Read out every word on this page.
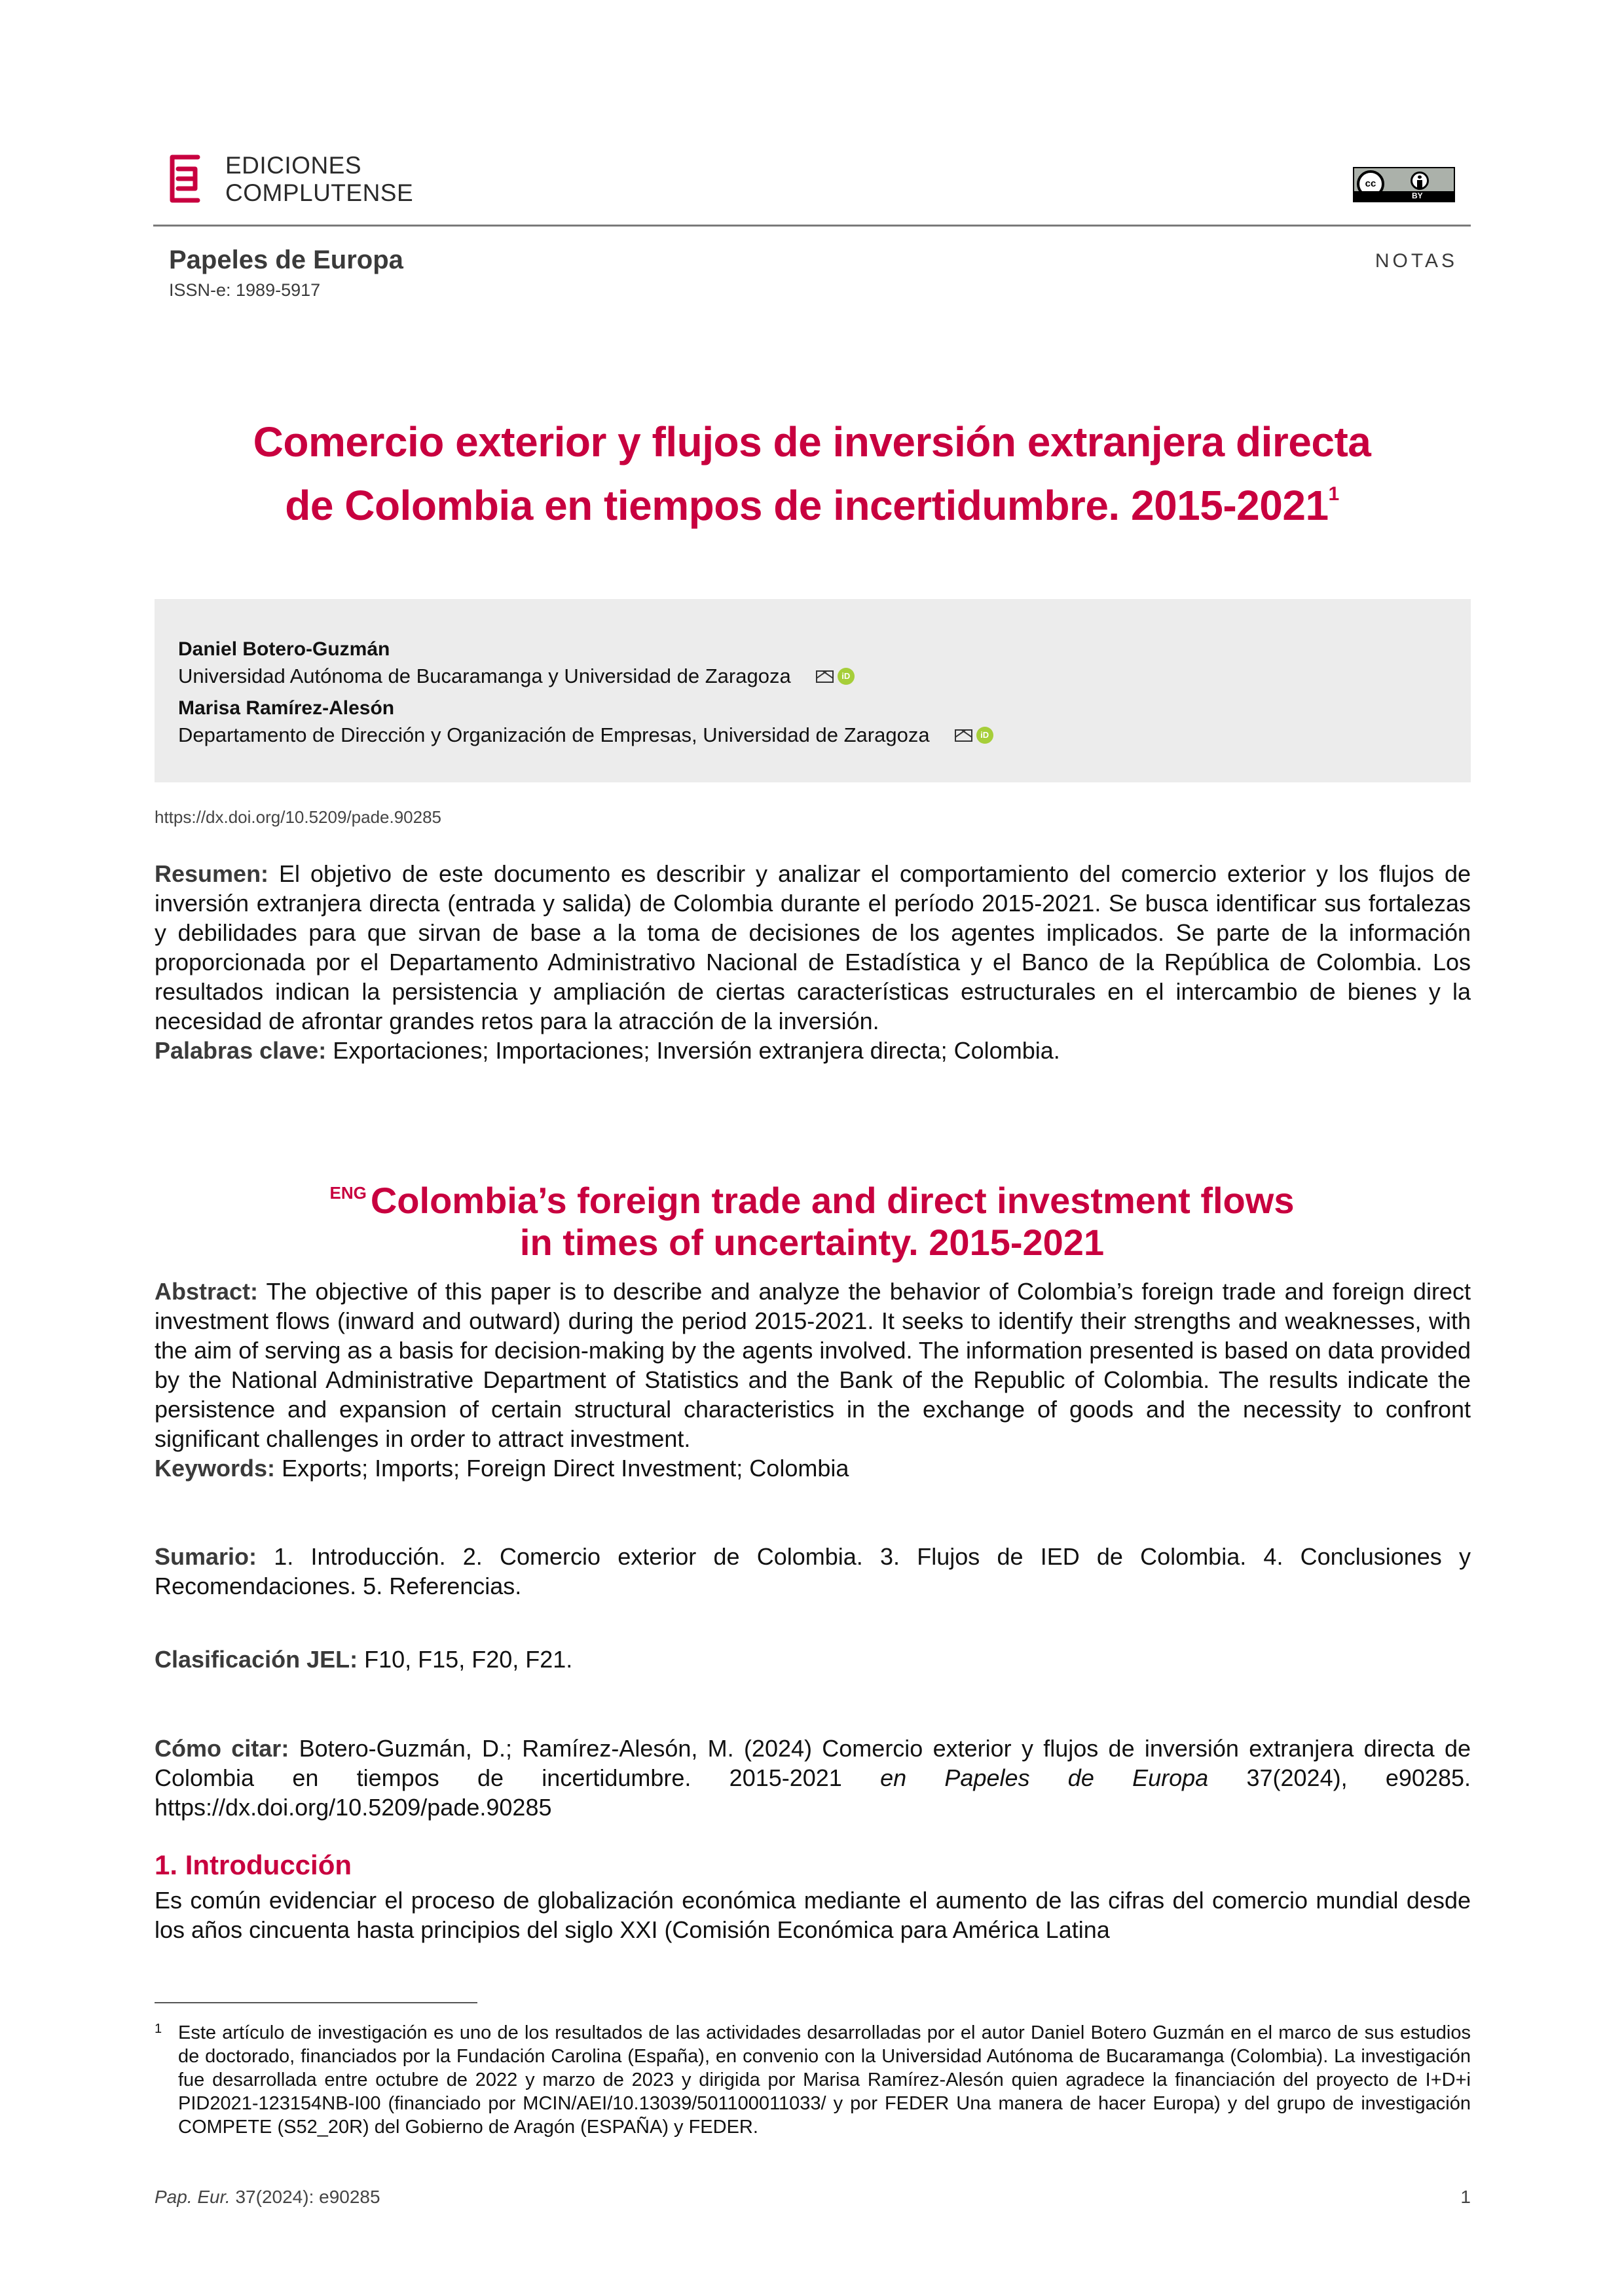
EDICIONES
COMPLUTENSE	cc
BY
Papeles de Europa
ISSN-e: 1989-5917
NOTAS
Comercio exterior y flujos de inversión extranjera directa
de Colombia en tiempos de incertidumbre. 2015-2021$^1$
Daniel Botero-Guzmán
Universidad Autónoma de Bucaramanga y Universidad de Zaragoza	iD
Marisa Ramírez-Alesón
Departamento de Dirección y Organización de Empresas, Universidad de Zaragoza	iD
https://dx.doi.org/10.5209/pade.90285
Resumen: El objetivo de este documento es describir y analizar el comportamiento del comercio exterior y los flujos de inversión extranjera directa (entrada y salida) de Colombia durante el período 2015-2021. Se busca identificar sus fortalezas y debilidades para que sirvan de base a la toma de decisiones de los agentes implicados. Se parte de la información proporcionada por el Departamento Administrativo Nacional de Estadística y el Banco de la República de Colombia. Los resultados indican la persistencia y ampliación de ciertas características estructurales en el intercambio de bienes y la necesidad de afrontar grandes retos para la atracción de la inversión.
Palabras clave: Exportaciones; Importaciones; Inversión extranjera directa; Colombia.
$^{ENG}$ Colombia’s foreign trade and direct investment flows
in times of uncertainty. 2015-2021
Abstract: The objective of this paper is to describe and analyze the behavior of Colombia’s foreign trade and foreign direct investment flows (inward and outward) during the period 2015-2021. It seeks to identify their strengths and weaknesses, with the aim of serving as a basis for decision-making by the agents involved. The information presented is based on data provided by the National Administrative Department of Statistics and the Bank of the Republic of Colombia. The results indicate the persistence and expansion of certain structural characteristics in the exchange of goods and the necessity to confront significant challenges in order to attract investment.
Keywords: Exports; Imports; Foreign Direct Investment; Colombia
Sumario: 1. Introducción. 2. Comercio exterior de Colombia. 3. Flujos de IED de Colombia. 4. Conclusiones y Recomendaciones. 5. Referencias.
Clasificación JEL: F10, F15, F20, F21.
Cómo citar: Botero-Guzmán, D.; Ramírez-Alesón, M. (2024) Comercio exterior y flujos de inversión extranjera directa de Colombia en tiempos de incertidumbre. 2015-2021 en Papeles de Europa 37(2024), e90285. https://dx.doi.org/10.5209/pade.90285
1. Introducción
Es común evidenciar el proceso de globalización económica mediante el aumento de las cifras del comercio mundial desde los años cincuenta hasta principios del siglo XXI (Comisión Económica para América Latina
1 Este artículo de investigación es uno de los resultados de las actividades desarrolladas por el autor Daniel Botero Guzmán en el marco de sus estudios de doctorado, financiados por la Fundación Carolina (España), en convenio con la Universidad Autónoma de Bucaramanga (Colombia). La investigación fue desarrollada entre octubre de 2022 y marzo de 2023 y dirigida por Marisa Ramírez-Alesón quien agradece la financiación del proyecto de I+D+i PID2021-123154NB-I00 (financiado por MCIN/AEI/10.13039/501100011033/ y por FEDER Una manera de hacer Europa) y del grupo de investigación COMPETE (S52_20R) del Gobierno de Aragón (ESPAÑA) y FEDER.
Pap. Eur. 37(2024): e90285	1
